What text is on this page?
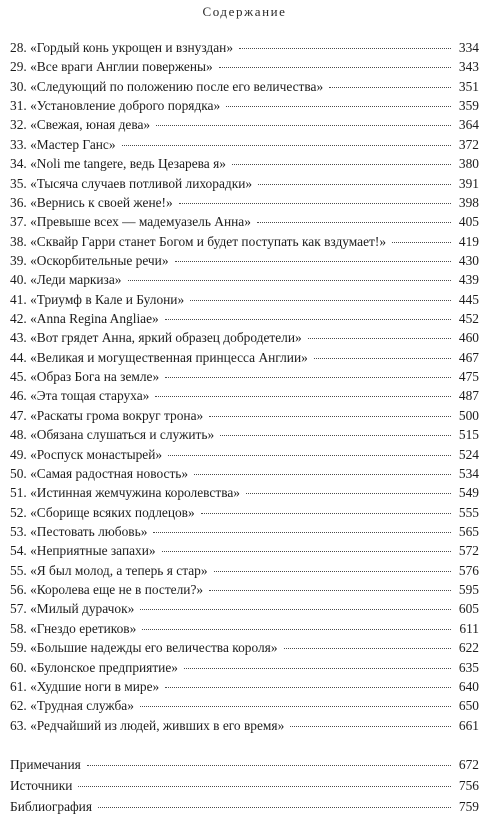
Содержание
28. «Гордый конь укрощен и взнуздан»	334
29. «Все враги Англии повержены»	343
30. «Следующий по положению после его величества»	351
31. «Установление доброго порядка»	359
32. «Свежая, юная дева»	364
33. «Мастер Ганс»	372
34. «Noli me tangere, ведь Цезарева я»	380
35. «Тысяча случаев потливой лихорадки»	391
36. «Вернись к своей жене!»	398
37. «Превыше всех — мадемуазель Анна»	405
38. «Сквайр Гарри станет Богом и будет поступать как вздумает!»	419
39. «Оскорбительные речи»	430
40. «Леди маркиза»	439
41. «Триумф в Кале и Булони»	445
42. «Anna Regina Angliae»	452
43. «Вот грядет Анна, яркий образец добродетели»	460
44. «Великая и могущественная принцесса Англии»	467
45. «Образ Бога на земле»	475
46. «Эта тощая старуха»	487
47. «Раскаты грома вокруг трона»	500
48. «Обязана слушаться и служить»	515
49. «Роспуск монастырей»	524
50. «Самая радостная новость»	534
51. «Истинная жемчужина королевства»	549
52. «Сборище всяких подлецов»	555
53. «Пестовать любовь»	565
54. «Неприятные запахи»	572
55. «Я был молод, а теперь я стар»	576
56. «Королева еще не в постели?»	595
57. «Милый дурачок»	605
58. «Гнездо еретиков»	611
59. «Большие надежды его величества короля»	622
60. «Булонское предприятие»	635
61. «Худшие ноги в мире»	640
62. «Трудная служба»	650
63. «Редчайший из людей, живших в его время»	661
Примечания	672
Источники	756
Библиография	759
